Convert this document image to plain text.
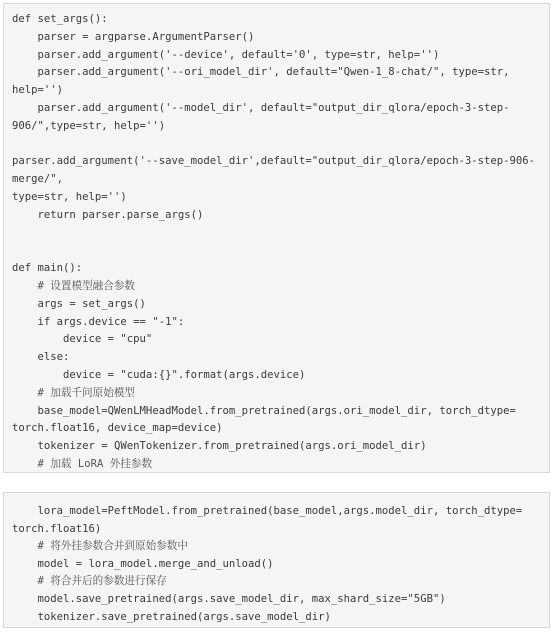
def set_args():
parser = argparse.ArgumentParser()
parser.add_argument('--device', default='0', type=str, help='')
parser.add_argument('--ori_model_dir', default="Qwen-1_8-chat/", type=str,
help='')
parser.add_argument('--model_dir', default="output_dir_qlora/epoch-3-step-
906/",type=str, help='')
parser.add_argument('--save_model_dir',default="output_dir_qlora/epoch-3-step-906-
merge/",
type=str, help='')
return parser.parse_args()
def main():
# 设置模型融合参数
args = set_args()
if args.device == "-1":
device = "cpu"
else:
device = "cuda:{}".format(args.device)
# 加载千问原始模型
base_model=QWenLMHeadModel.from_pretrained(args.ori_model_dir, torch_dtype=
torch.float16, device_map=device)
tokenizer = QWenTokenizer.from_pretrained(args.ori_model_dir)
# 加载 LoRA 外挂参数
lora_model=PeftModel.from_pretrained(base_model,args.model_dir, torch_dtype=
torch.float16)
# 将外挂参数合并到原始参数中
model = lora_model.merge_and_unload()
# 将合并后的参数进行保存
model.save_pretrained(args.save_model_dir, max_shard_size="5GB")
tokenizer.save_pretrained(args.save_model_dir)
